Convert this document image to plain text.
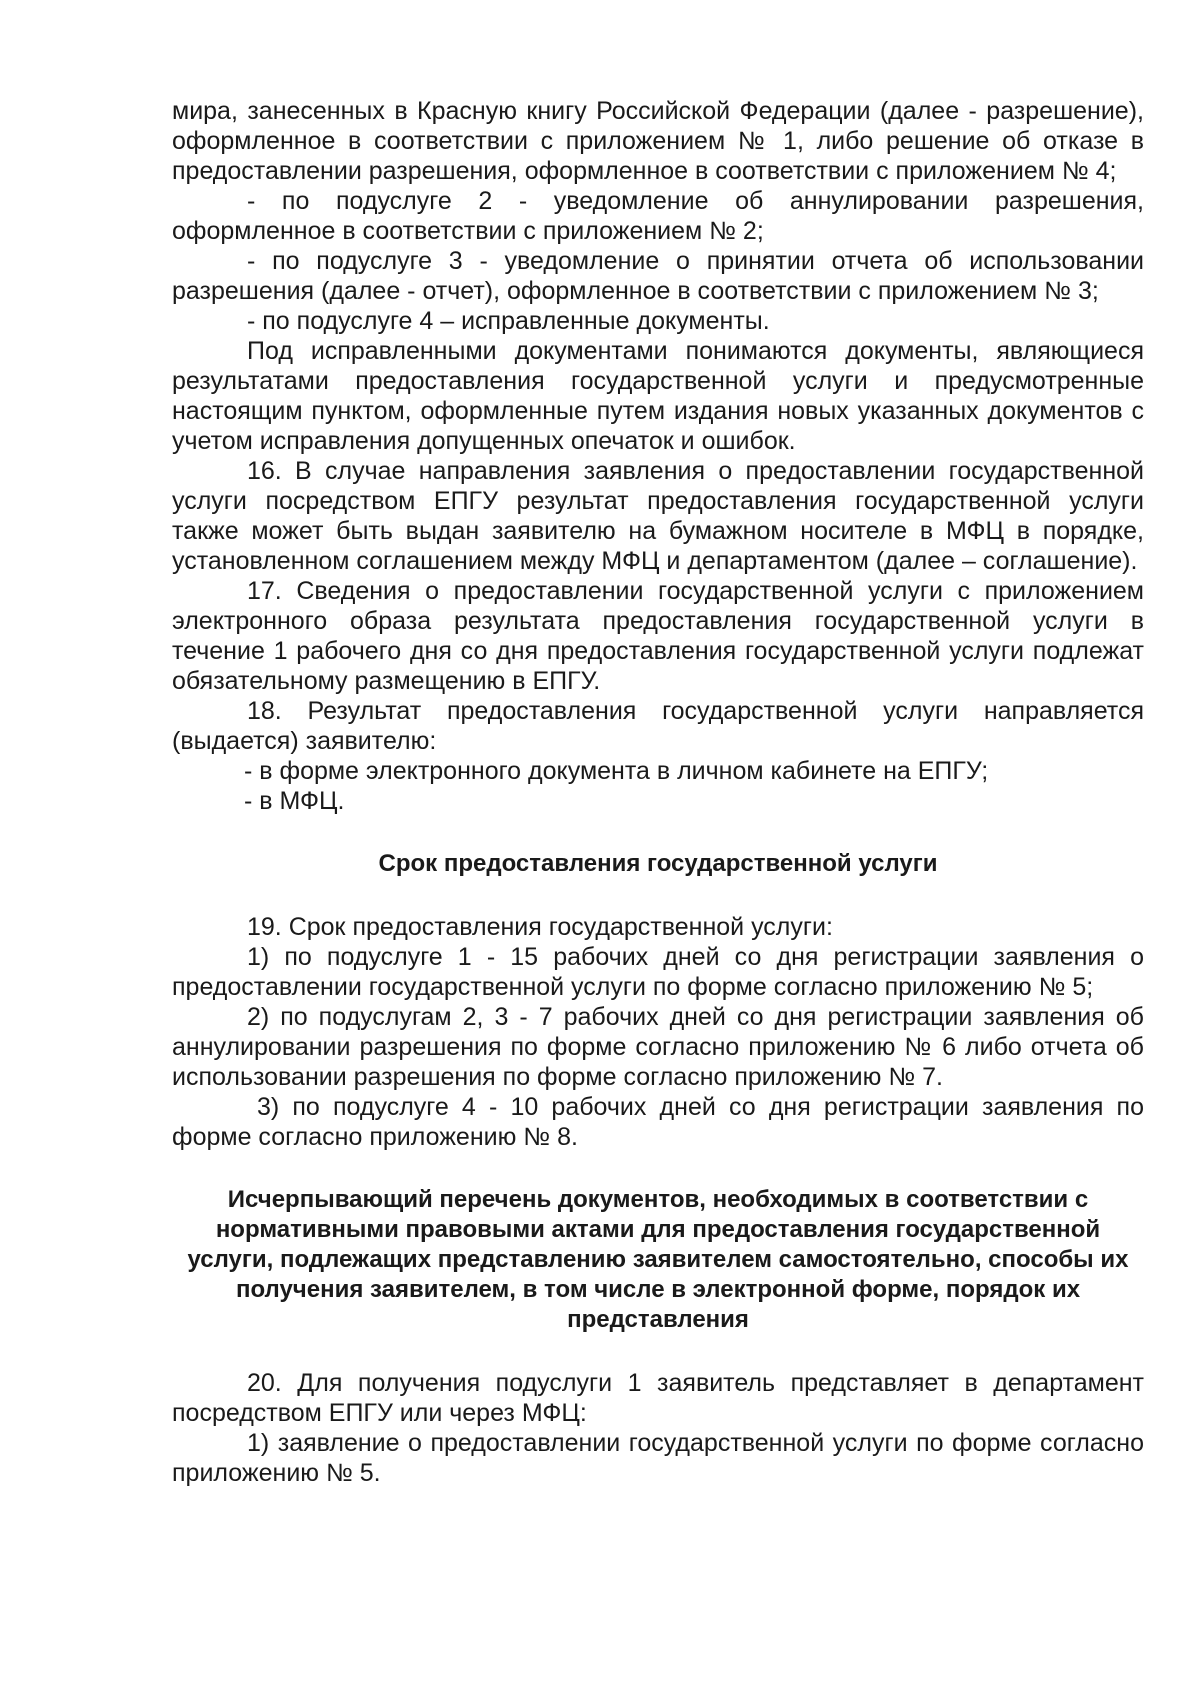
мира, занесенных в Красную книгу Российской Федерации (далее - разрешение), оформленное в соответствии с приложением № 1, либо решение об отказе в предоставлении разрешения, оформленное в соответствии с приложением № 4;

- по подуслуге 2 - уведомление об аннулировании разрешения, оформленное в соответствии с приложением № 2;

- по подуслуге 3 - уведомление о принятии отчета об использовании разрешения (далее - отчет), оформленное в соответствии с приложением № 3;

- по подуслуге 4 – исправленные документы.

Под исправленными документами понимаются документы, являющиеся результатами предоставления государственной услуги и предусмотренные настоящим пунктом, оформленные путем издания новых указанных документов с учетом исправления допущенных опечаток и ошибок.

16. В случае направления заявления о предоставлении государственной услуги посредством ЕПГУ результат предоставления государственной услуги также может быть выдан заявителю на бумажном носителе в МФЦ в порядке, установленном соглашением между МФЦ и департаментом (далее – соглашение).

17. Сведения о предоставлении государственной услуги с приложением электронного образа результата предоставления государственной услуги в течение 1 рабочего дня со дня предоставления государственной услуги подлежат обязательному размещению в ЕПГУ.

18. Результат предоставления государственной услуги направляется (выдается) заявителю:

- в форме электронного документа в личном кабинете на ЕПГУ;

- в МФЦ.

Срок предоставления государственной услуги

19. Срок предоставления государственной услуги:

1) по подуслуге 1 - 15 рабочих дней со дня регистрации заявления о предоставлении государственной услуги по форме согласно приложению № 5;

2) по подуслугам 2, 3 - 7 рабочих дней со дня регистрации заявления об аннулировании разрешения по форме согласно приложению № 6 либо отчета об использовании разрешения по форме согласно приложению № 7.

3) по подуслуге 4 - 10 рабочих дней со дня регистрации заявления по форме согласно приложению № 8.

Исчерпывающий перечень документов, необходимых в соответствии с нормативными правовыми актами для предоставления государственной услуги, подлежащих представлению заявителем самостоятельно, способы их получения заявителем, в том числе в электронной форме, порядок их представления

20. Для получения подуслуги 1 заявитель представляет в департамент посредством ЕПГУ или через МФЦ:

1) заявление о предоставлении государственной услуги по форме согласно приложению № 5.
